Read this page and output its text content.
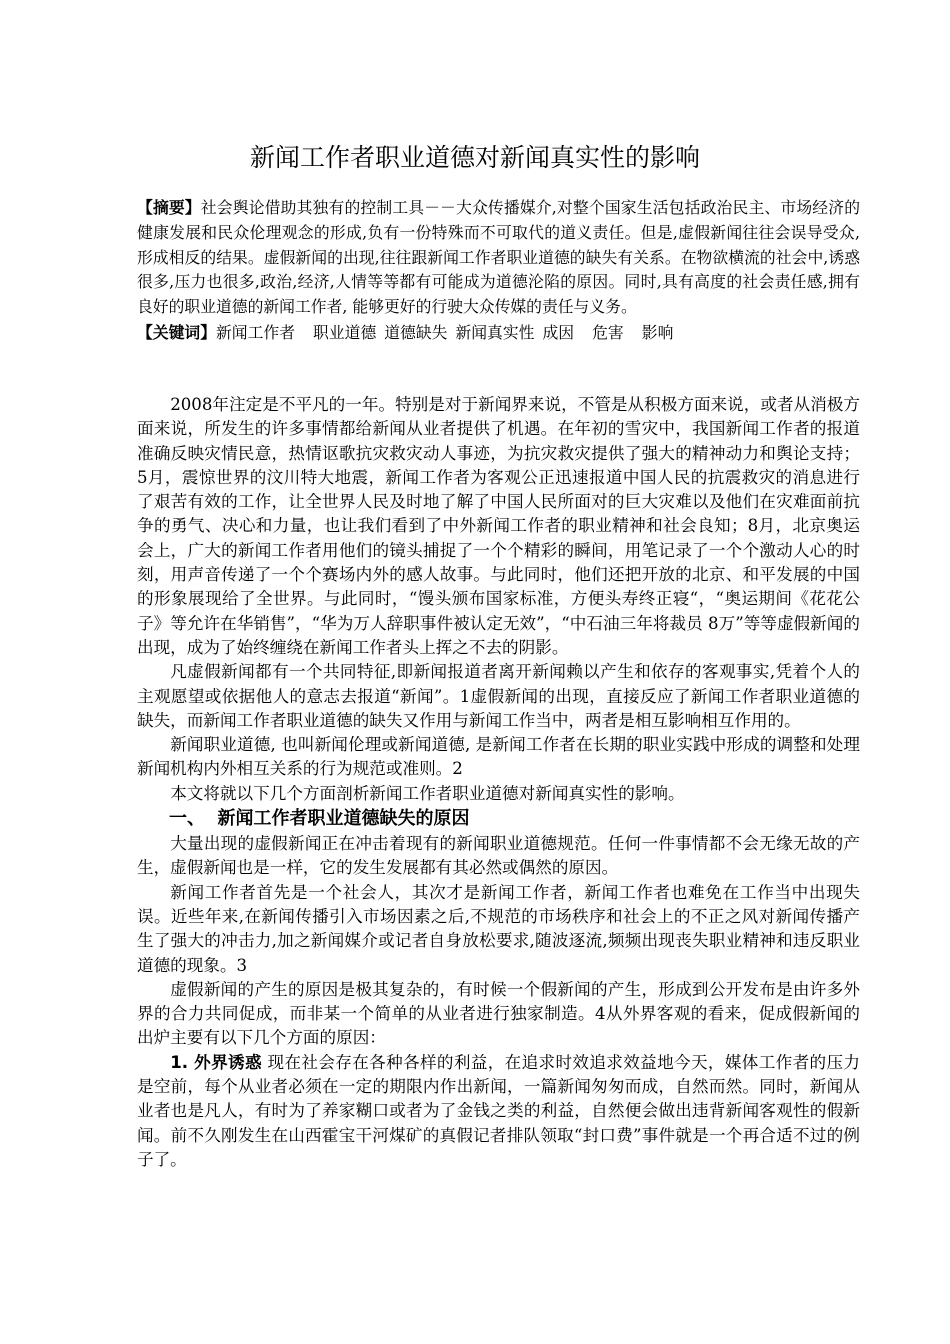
新闻工作者职业道德对新闻真实性的影响

【摘要】社会舆论借助其独有的控制工具－－大众传播媒介,对整个国家生活包括政治民主、市场经济的健康发展和民众伦理观念的形成,负有一份特殊而不可取代的道义责任。但是,虚假新闻往往会误导受众,形成相反的结果。虚假新闻的出现,往往跟新闻工作者职业道德的缺失有关系。在物欲横流的社会中,诱惑很多,压力也很多,政治,经济,人情等等都有可能成为道德沦陷的原因。同时,具有高度的社会责任感,拥有良好的职业道德的新闻工作者, 能够更好的行驶大众传媒的责任与义务。

【关键词】新闻工作者 职业道德 道德缺失 新闻真实性 成因 危害 影响

2008年注定是不平凡的一年。特别是对于新闻界来说，不管是从积极方面来说，或者从消极方面来说，所发生的许多事情都给新闻从业者提供了机遇。在年初的雪灾中，我国新闻工作者的报道准确反映灾情民意，热情讴歌抗灾救灾动人事迹，为抗灾救灾提供了强大的精神动力和舆论支持；5月，震惊世界的汶川特大地震，新闻工作者为客观公正迅速报道中国人民的抗震救灾的消息进行了艰苦有效的工作，让全世界人民及时地了解了中国人民所面对的巨大灾难以及他们在灾难面前抗争的勇气、决心和力量，也让我们看到了中外新闻工作者的职业精神和社会良知；8月，北京奥运会上，广大的新闻工作者用他们的镜头捕捉了一个个精彩的瞬间，用笔记录了一个个激动人心的时刻，用声音传递了一个个赛场内外的感人故事。与此同时，他们还把开放的北京、和平发展的中国的形象展现给了全世界。与此同时，“馒头颁布国家标准，方便头寿终正寝“，“奥运期间《花花公子》等允许在华销售”，“华为万人辞职事件被认定无效”，“中石油三年将裁员 8万”等等虚假新闻的出现，成为了始终缠绕在新闻工作者头上挥之不去的阴影。

凡虚假新闻都有一个共同特征,即新闻报道者离开新闻赖以产生和依存的客观事实,凭着个人的主观愿望或依据他人的意志去报道“新闻”。1虚假新闻的出现，直接反应了新闻工作者职业道德的缺失，而新闻工作者职业道德的缺失又作用与新闻工作当中，两者是相互影响相互作用的。

新闻职业道德, 也叫新闻伦理或新闻道德, 是新闻工作者在长期的职业实践中形成的调整和处理新闻机构内外相互关系的行为规范或准则。2

本文将就以下几个方面剖析新闻工作者职业道德对新闻真实性的影响。

一、 新闻工作者职业道德缺失的原因

大量出现的虚假新闻正在冲击着现有的新闻职业道德规范。任何一件事情都不会无缘无故的产生，虚假新闻也是一样，它的发生发展都有其必然或偶然的原因。

新闻工作者首先是一个社会人，其次才是新闻工作者，新闻工作者也难免在工作当中出现失误。近些年来,在新闻传播引入市场因素之后,不规范的市场秩序和社会上的不正之风对新闻传播产生了强大的冲击力,加之新闻媒介或记者自身放松要求,随波逐流,频频出现丧失职业精神和违反职业道德的现象。3

虚假新闻的产生的原因是极其复杂的，有时候一个假新闻的产生，形成到公开发布是由许多外界的合力共同促成，而非某一个简单的从业者进行独家制造。4从外界客观的看来，促成假新闻的出炉主要有以下几个方面的原因：

1. 外界诱惑 现在社会存在各种各样的利益，在追求时效追求效益地今天，媒体工作者的压力是空前，每个从业者必须在一定的期限内作出新闻，一篇新闻匆匆而成，自然而然。同时，新闻从业者也是凡人，有时为了养家糊口或者为了金钱之类的利益，自然便会做出违背新闻客观性的假新闻。前不久刚发生在山西霍宝干河煤矿的真假记者排队领取“封口费”事件就是一个再合适不过的例子了。
